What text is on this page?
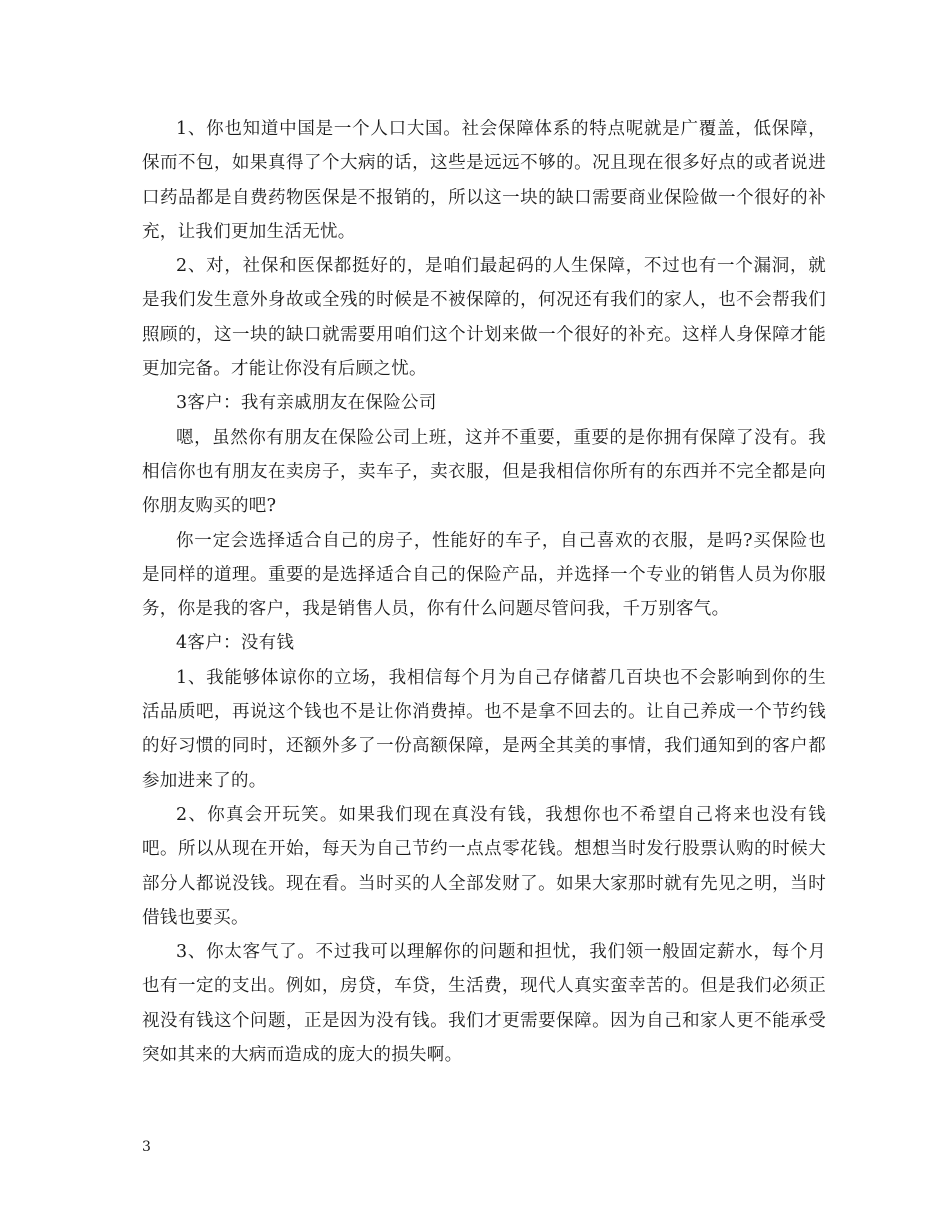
1、你也知道中国是一个人口大国。社会保障体系的特点呢就是广覆盖，低保障，保而不包，如果真得了个大病的话，这些是远远不够的。况且现在很多好点的或者说进口药品都是自费药物医保是不报销的，所以这一块的缺口需要商业保险做一个很好的补充，让我们更加生活无忧。

2、对，社保和医保都挺好的，是咱们最起码的人生保障，不过也有一个漏洞，就是我们发生意外身故或全残的时候是不被保障的，何况还有我们的家人，也不会帮我们照顾的，这一块的缺口就需要用咱们这个计划来做一个很好的补充。这样人身保障才能更加完备。才能让你没有后顾之忧。

3客户：我有亲戚朋友在保险公司

嗯，虽然你有朋友在保险公司上班，这并不重要，重要的是你拥有保障了没有。我相信你也有朋友在卖房子，卖车子，卖衣服，但是我相信你所有的东西并不完全都是向你朋友购买的吧?

你一定会选择适合自己的房子，性能好的车子，自己喜欢的衣服，是吗?买保险也是同样的道理。重要的是选择适合自己的保险产品，并选择一个专业的销售人员为你服务，你是我的客户，我是销售人员，你有什么问题尽管问我，千万别客气。

4客户：没有钱

1、我能够体谅你的立场，我相信每个月为自己存储蓄几百块也不会影响到你的生活品质吧，再说这个钱也不是让你消费掉。也不是拿不回去的。让自己养成一个节约钱的好习惯的同时，还额外多了一份高额保障，是两全其美的事情，我们通知到的客户都参加进来了的。

2、你真会开玩笑。如果我们现在真没有钱，我想你也不希望自己将来也没有钱吧。所以从现在开始，每天为自己节约一点点零花钱。想想当时发行股票认购的时候大部分人都说没钱。现在看。当时买的人全部发财了。如果大家那时就有先见之明，当时借钱也要买。

3、你太客气了。不过我可以理解你的问题和担忧，我们领一般固定薪水，每个月也有一定的支出。例如，房贷，车贷，生活费，现代人真实蛮幸苦的。但是我们必须正视没有钱这个问题，正是因为没有钱。我们才更需要保障。因为自己和家人更不能承受突如其来的大病而造成的庞大的损失啊。

3
